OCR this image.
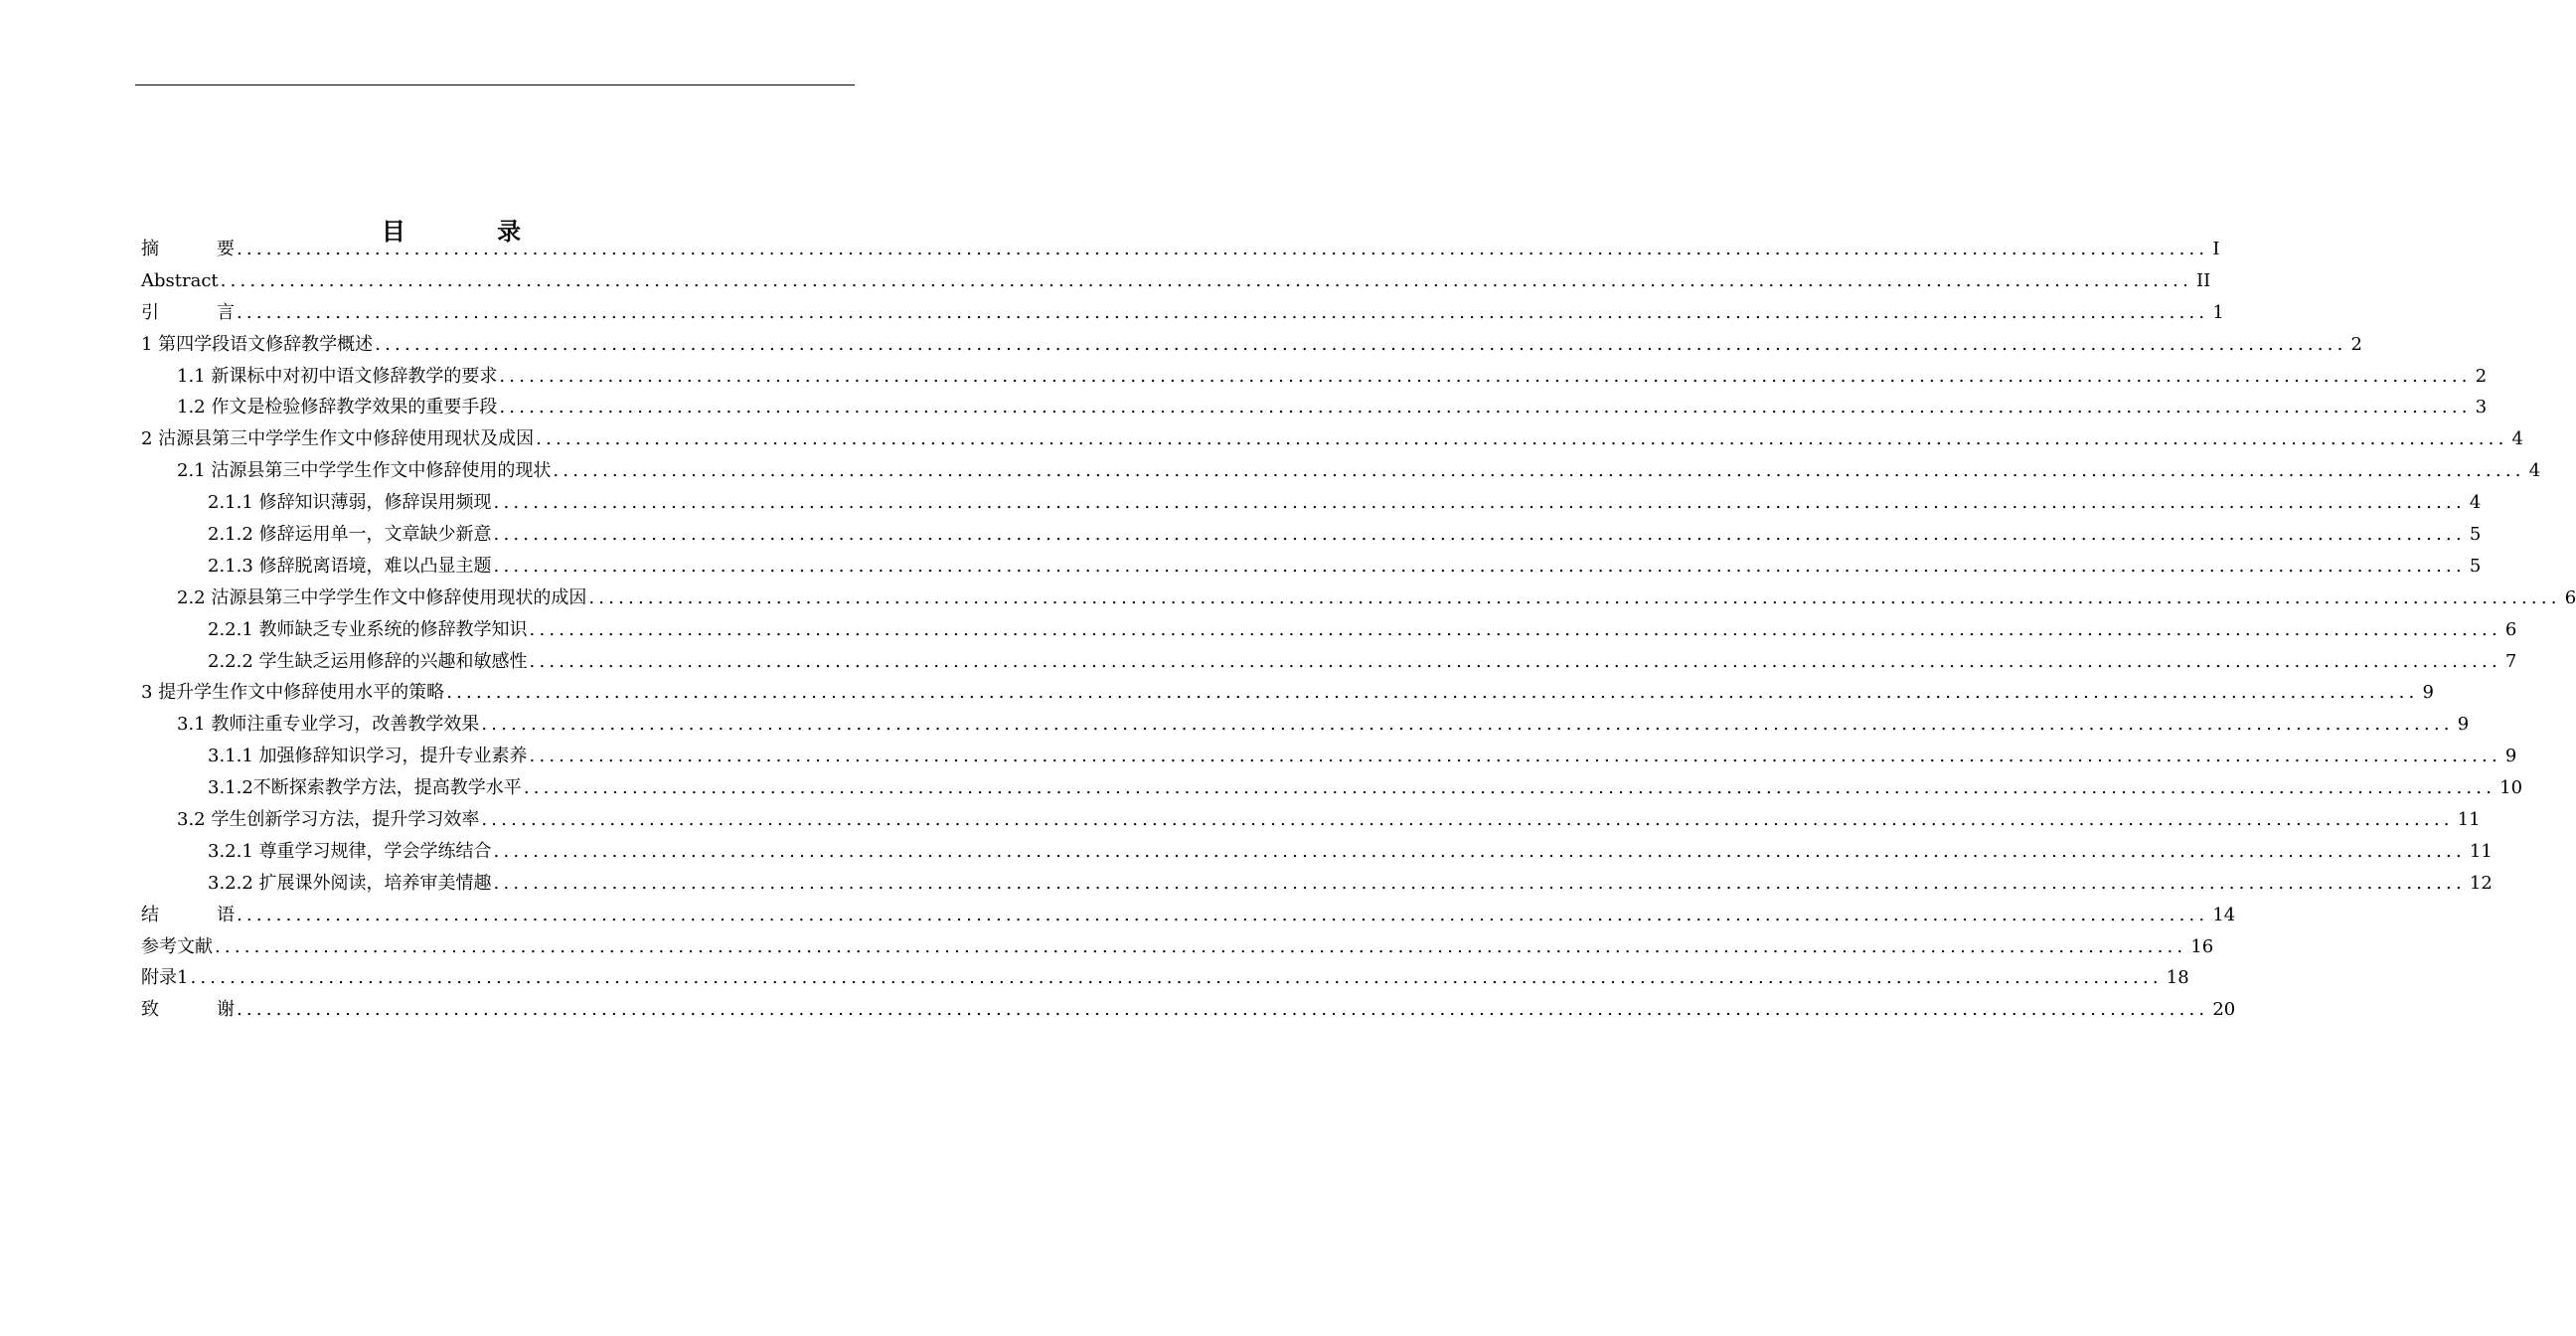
目 录
摘	要 ........................................................................................................................................................................................................ I
Abstract ........................................................................................................................................................................................................ II
引	言 ........................................................................................................................................................................................................ 1
1 第四学段语文修辞教学概述 ........................................................................................................................................................................................................ 2
1.1 新课标中对初中语文修辞教学的要求 ........................................................................................................................................................................................................ 2
1.2 作文是检验修辞教学效果的重要手段 ........................................................................................................................................................................................................ 3
2 沽源县第三中学学生作文中修辞使用现状及成因 ........................................................................................................................................................................................................ 4
2.1 沽源县第三中学学生作文中修辞使用的现状 ........................................................................................................................................................................................................ 4
2.1.1 修辞知识薄弱，修辞误用频现 ........................................................................................................................................................................................................ 4
2.1.2 修辞运用单一，文章缺少新意 ........................................................................................................................................................................................................ 5
2.1.3 修辞脱离语境，难以凸显主题 ........................................................................................................................................................................................................ 5
2.2 沽源县第三中学学生作文中修辞使用现状的成因 ........................................................................................................................................................................................................ 6
2.2.1 教师缺乏专业系统的修辞教学知识 ........................................................................................................................................................................................................ 6
2.2.2 学生缺乏运用修辞的兴趣和敏感性 ........................................................................................................................................................................................................ 7
3 提升学生作文中修辞使用水平的策略 ........................................................................................................................................................................................................ 9
3.1 教师注重专业学习，改善教学效果 ........................................................................................................................................................................................................ 9
3.1.1 加强修辞知识学习，提升专业素养 ........................................................................................................................................................................................................ 9
3.1.2不断探索教学方法，提高教学水平 ........................................................................................................................................................................................................ 10
3.2 学生创新学习方法，提升学习效率 ........................................................................................................................................................................................................ 11
3.2.1 尊重学习规律，学会学练结合 ........................................................................................................................................................................................................ 11
3.2.2 扩展课外阅读，培养审美情趣 ........................................................................................................................................................................................................ 12
结	语 ........................................................................................................................................................................................................ 14
参考文献 ........................................................................................................................................................................................................ 16
附录1 ........................................................................................................................................................................................................ 18
致	谢 ........................................................................................................................................................................................................ 20
